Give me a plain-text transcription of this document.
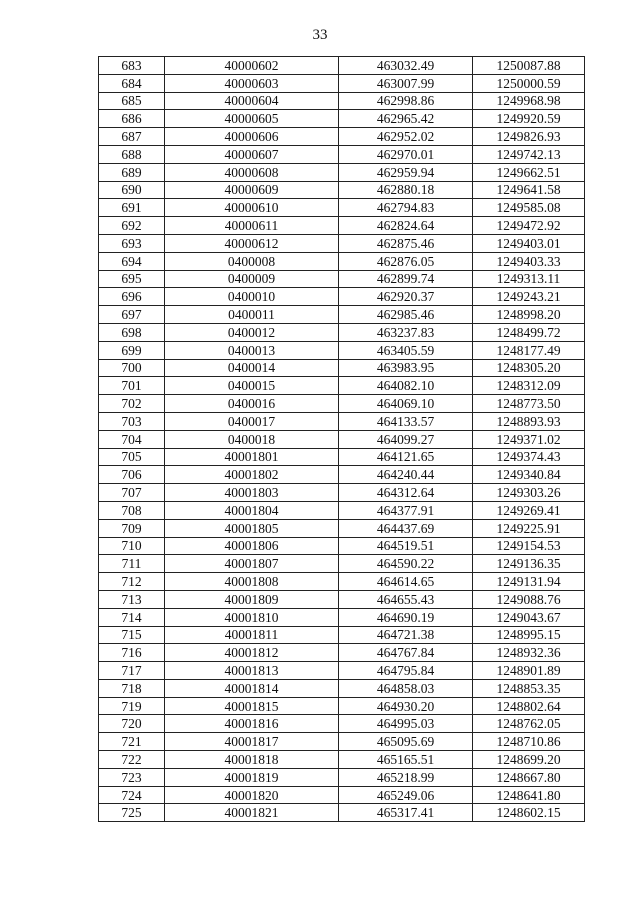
33
683	40000602	463032.49	1250087.88
684	40000603	463007.99	1250000.59
685	40000604	462998.86	1249968.98
686	40000605	462965.42	1249920.59
687	40000606	462952.02	1249826.93
688	40000607	462970.01	1249742.13
689	40000608	462959.94	1249662.51
690	40000609	462880.18	1249641.58
691	40000610	462794.83	1249585.08
692	40000611	462824.64	1249472.92
693	40000612	462875.46	1249403.01
694	0400008	462876.05	1249403.33
695	0400009	462899.74	1249313.11
696	0400010	462920.37	1249243.21
697	0400011	462985.46	1248998.20
698	0400012	463237.83	1248499.72
699	0400013	463405.59	1248177.49
700	0400014	463983.95	1248305.20
701	0400015	464082.10	1248312.09
702	0400016	464069.10	1248773.50
703	0400017	464133.57	1248893.93
704	0400018	464099.27	1249371.02
705	40001801	464121.65	1249374.43
706	40001802	464240.44	1249340.84
707	40001803	464312.64	1249303.26
708	40001804	464377.91	1249269.41
709	40001805	464437.69	1249225.91
710	40001806	464519.51	1249154.53
711	40001807	464590.22	1249136.35
712	40001808	464614.65	1249131.94
713	40001809	464655.43	1249088.76
714	40001810	464690.19	1249043.67
715	40001811	464721.38	1248995.15
716	40001812	464767.84	1248932.36
717	40001813	464795.84	1248901.89
718	40001814	464858.03	1248853.35
719	40001815	464930.20	1248802.64
720	40001816	464995.03	1248762.05
721	40001817	465095.69	1248710.86
722	40001818	465165.51	1248699.20
723	40001819	465218.99	1248667.80
724	40001820	465249.06	1248641.80
725	40001821	465317.41	1248602.15
